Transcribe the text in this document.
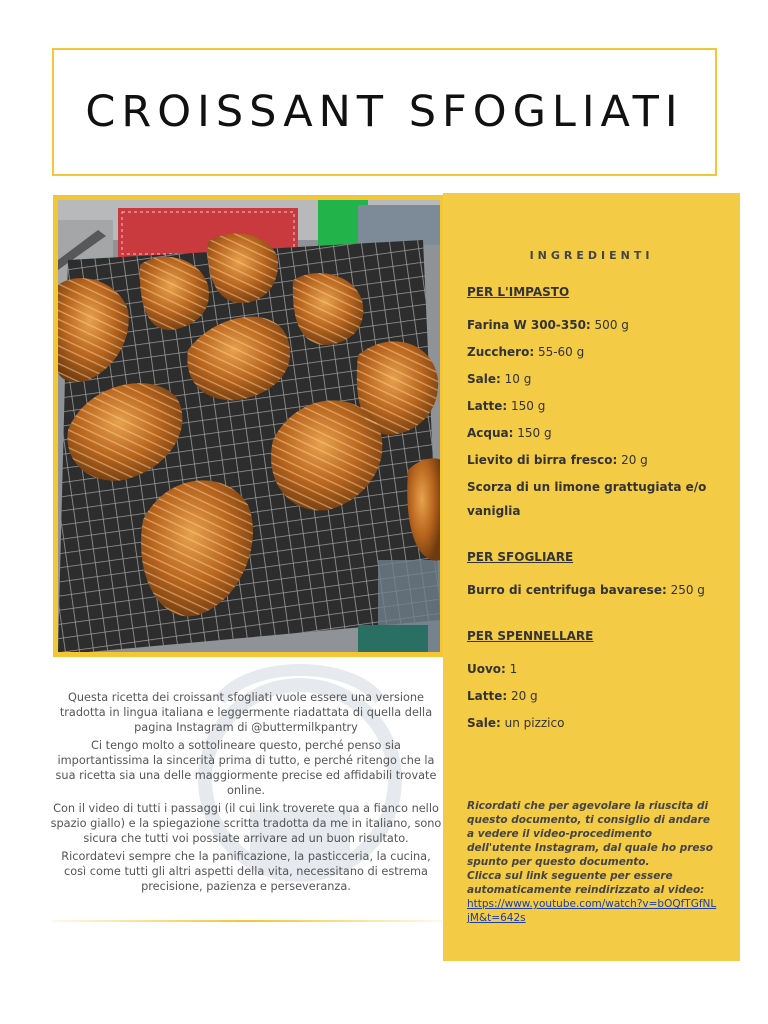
CROISSANT SFOGLIATI
INGREDIENTI
PER L'IMPASTO
Farina W 300-350: 500 g
Zucchero: 55-60 g
Sale: 10 g
Latte: 150 g
Acqua: 150 g
Lievito di birra fresco: 20 g
Scorza di un limone grattugiata e/o vaniglia
PER SFOGLIARE
Burro di centrifuga bavarese: 250 g
PER SPENNELLARE
Uovo: 1
Latte: 20 g
Sale: un pizzico
Ricordati che per agevolare la riuscita di questo documento, ti consiglio di andare a vedere il video-procedimento dell'utente Instagram, dal quale ho preso spunto per questo documento.
Clicca sul link seguente per essere automaticamente reindirizzato al video:
https://www.youtube.com/watch?v=bOQfTGfNLjM&t=642s

Questa ricetta dei croissant sfogliati vuole essere una versione tradotta in lingua italiana e leggermente riadattata di quella della pagina Instagram di @buttermilkpantry

Ci tengo molto a sottolineare questo, perché penso sia importantissima la sincerità prima di tutto, e perché ritengo che la sua ricetta sia una delle maggiormente precise ed affidabili trovate online.

Con il video di tutti i passaggi (il cui link troverete qua a fianco nello spazio giallo) e la spiegazione scritta tradotta da me in italiano, sono sicura che tutti voi possiate arrivare ad un buon risultato.

Ricordatevi sempre che la panificazione, la pasticceria, la cucina, così come tutti gli altri aspetti della vita, necessitano di estrema precisione, pazienza e perseveranza.
